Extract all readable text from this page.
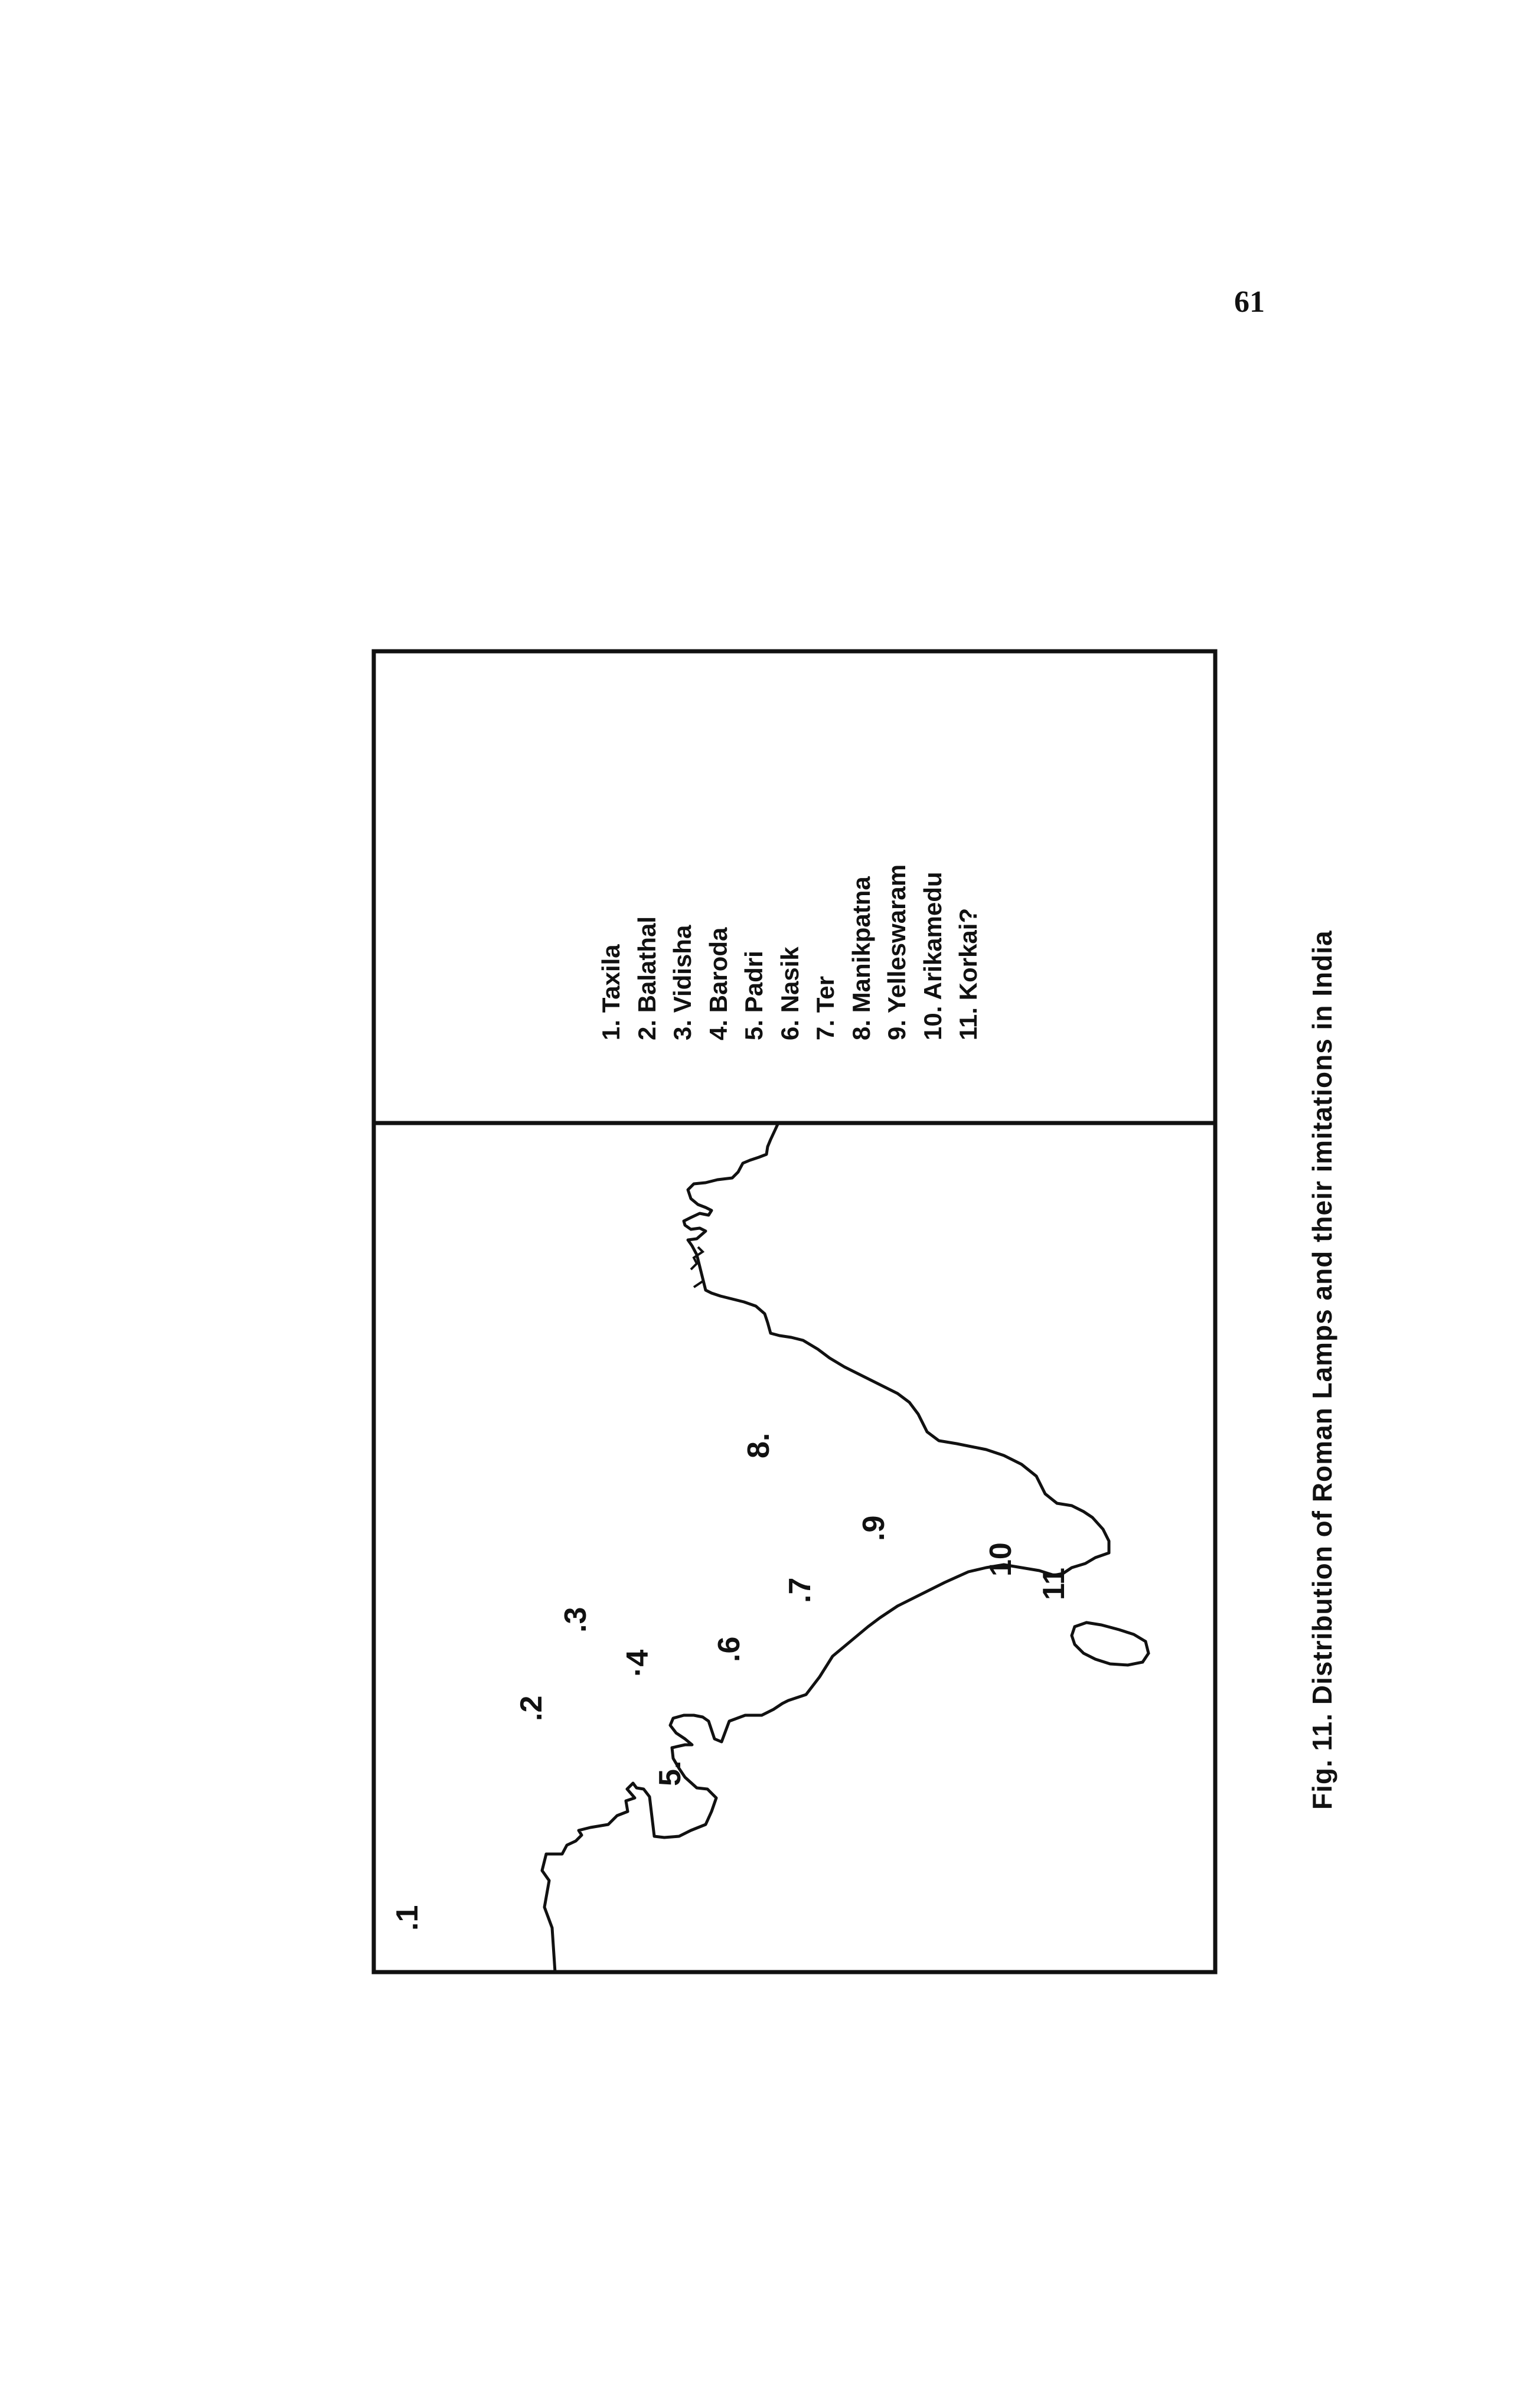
61
.1
.2
.3
·4
5.
.6
.7
8.
.9
10
11
1. Taxila 2. Balathal 3. Vidisha 4. Baroda 5. Padri 6. Nasik 7. Ter 8. Manikpatna 9. Yelleswaram 10. Arikamedu 11. Korkai?	Fig. 11. Distribution of Roman Lamps and their imitations in India
